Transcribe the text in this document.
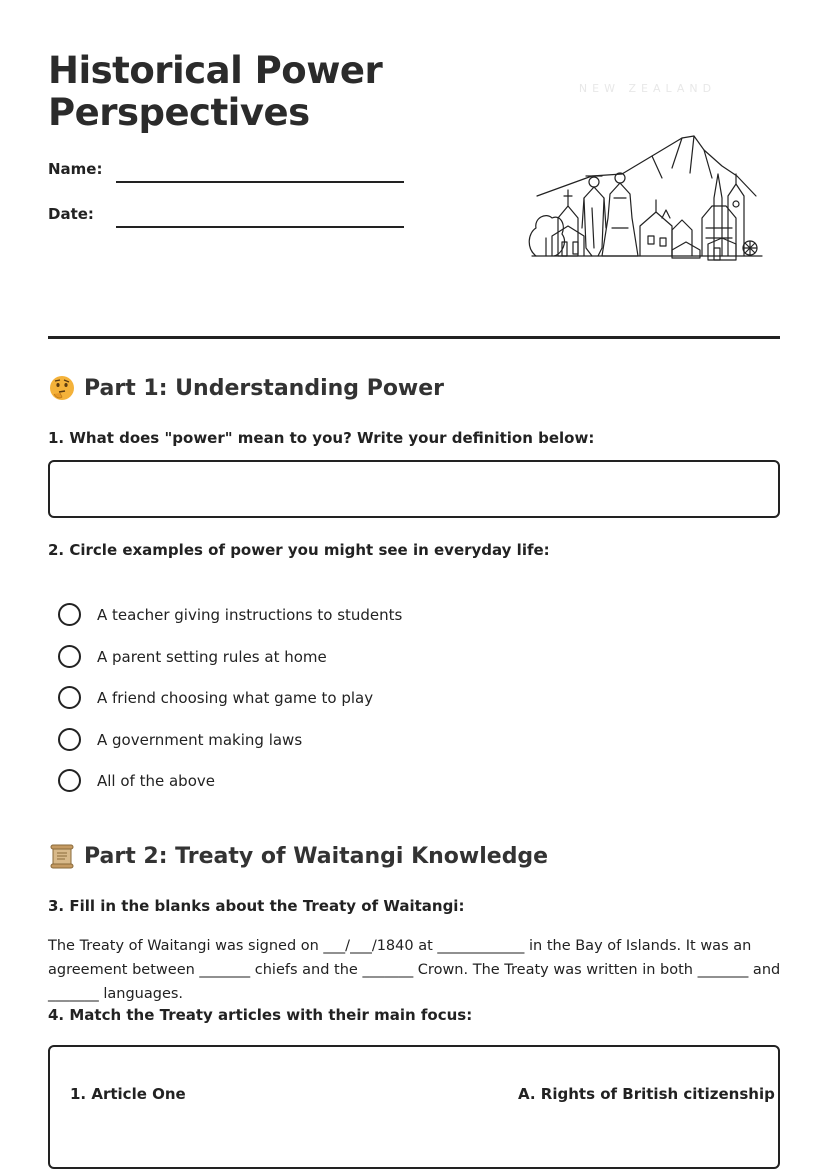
Historical Power Perspectives
Name:
Date:
NEW ZEALAND
Part 1: Understanding Power
1. What does "power" mean to you? Write your definition below:
2. Circle examples of power you might see in everyday life:
A teacher giving instructions to students
A parent setting rules at home
A friend choosing what game to play
A government making laws
All of the above
Part 2: Treaty of Waitangi Knowledge
3. Fill in the blanks about the Treaty of Waitangi:
The Treaty of Waitangi was signed on ___/___/1840 at ____________ in the Bay of Islands. It was an agreement between _______ chiefs and the _______ Crown. The Treaty was written in both _______ and _______ languages.
4. Match the Treaty articles with their main focus:
1. Article One	A. Rights of British citizenship
